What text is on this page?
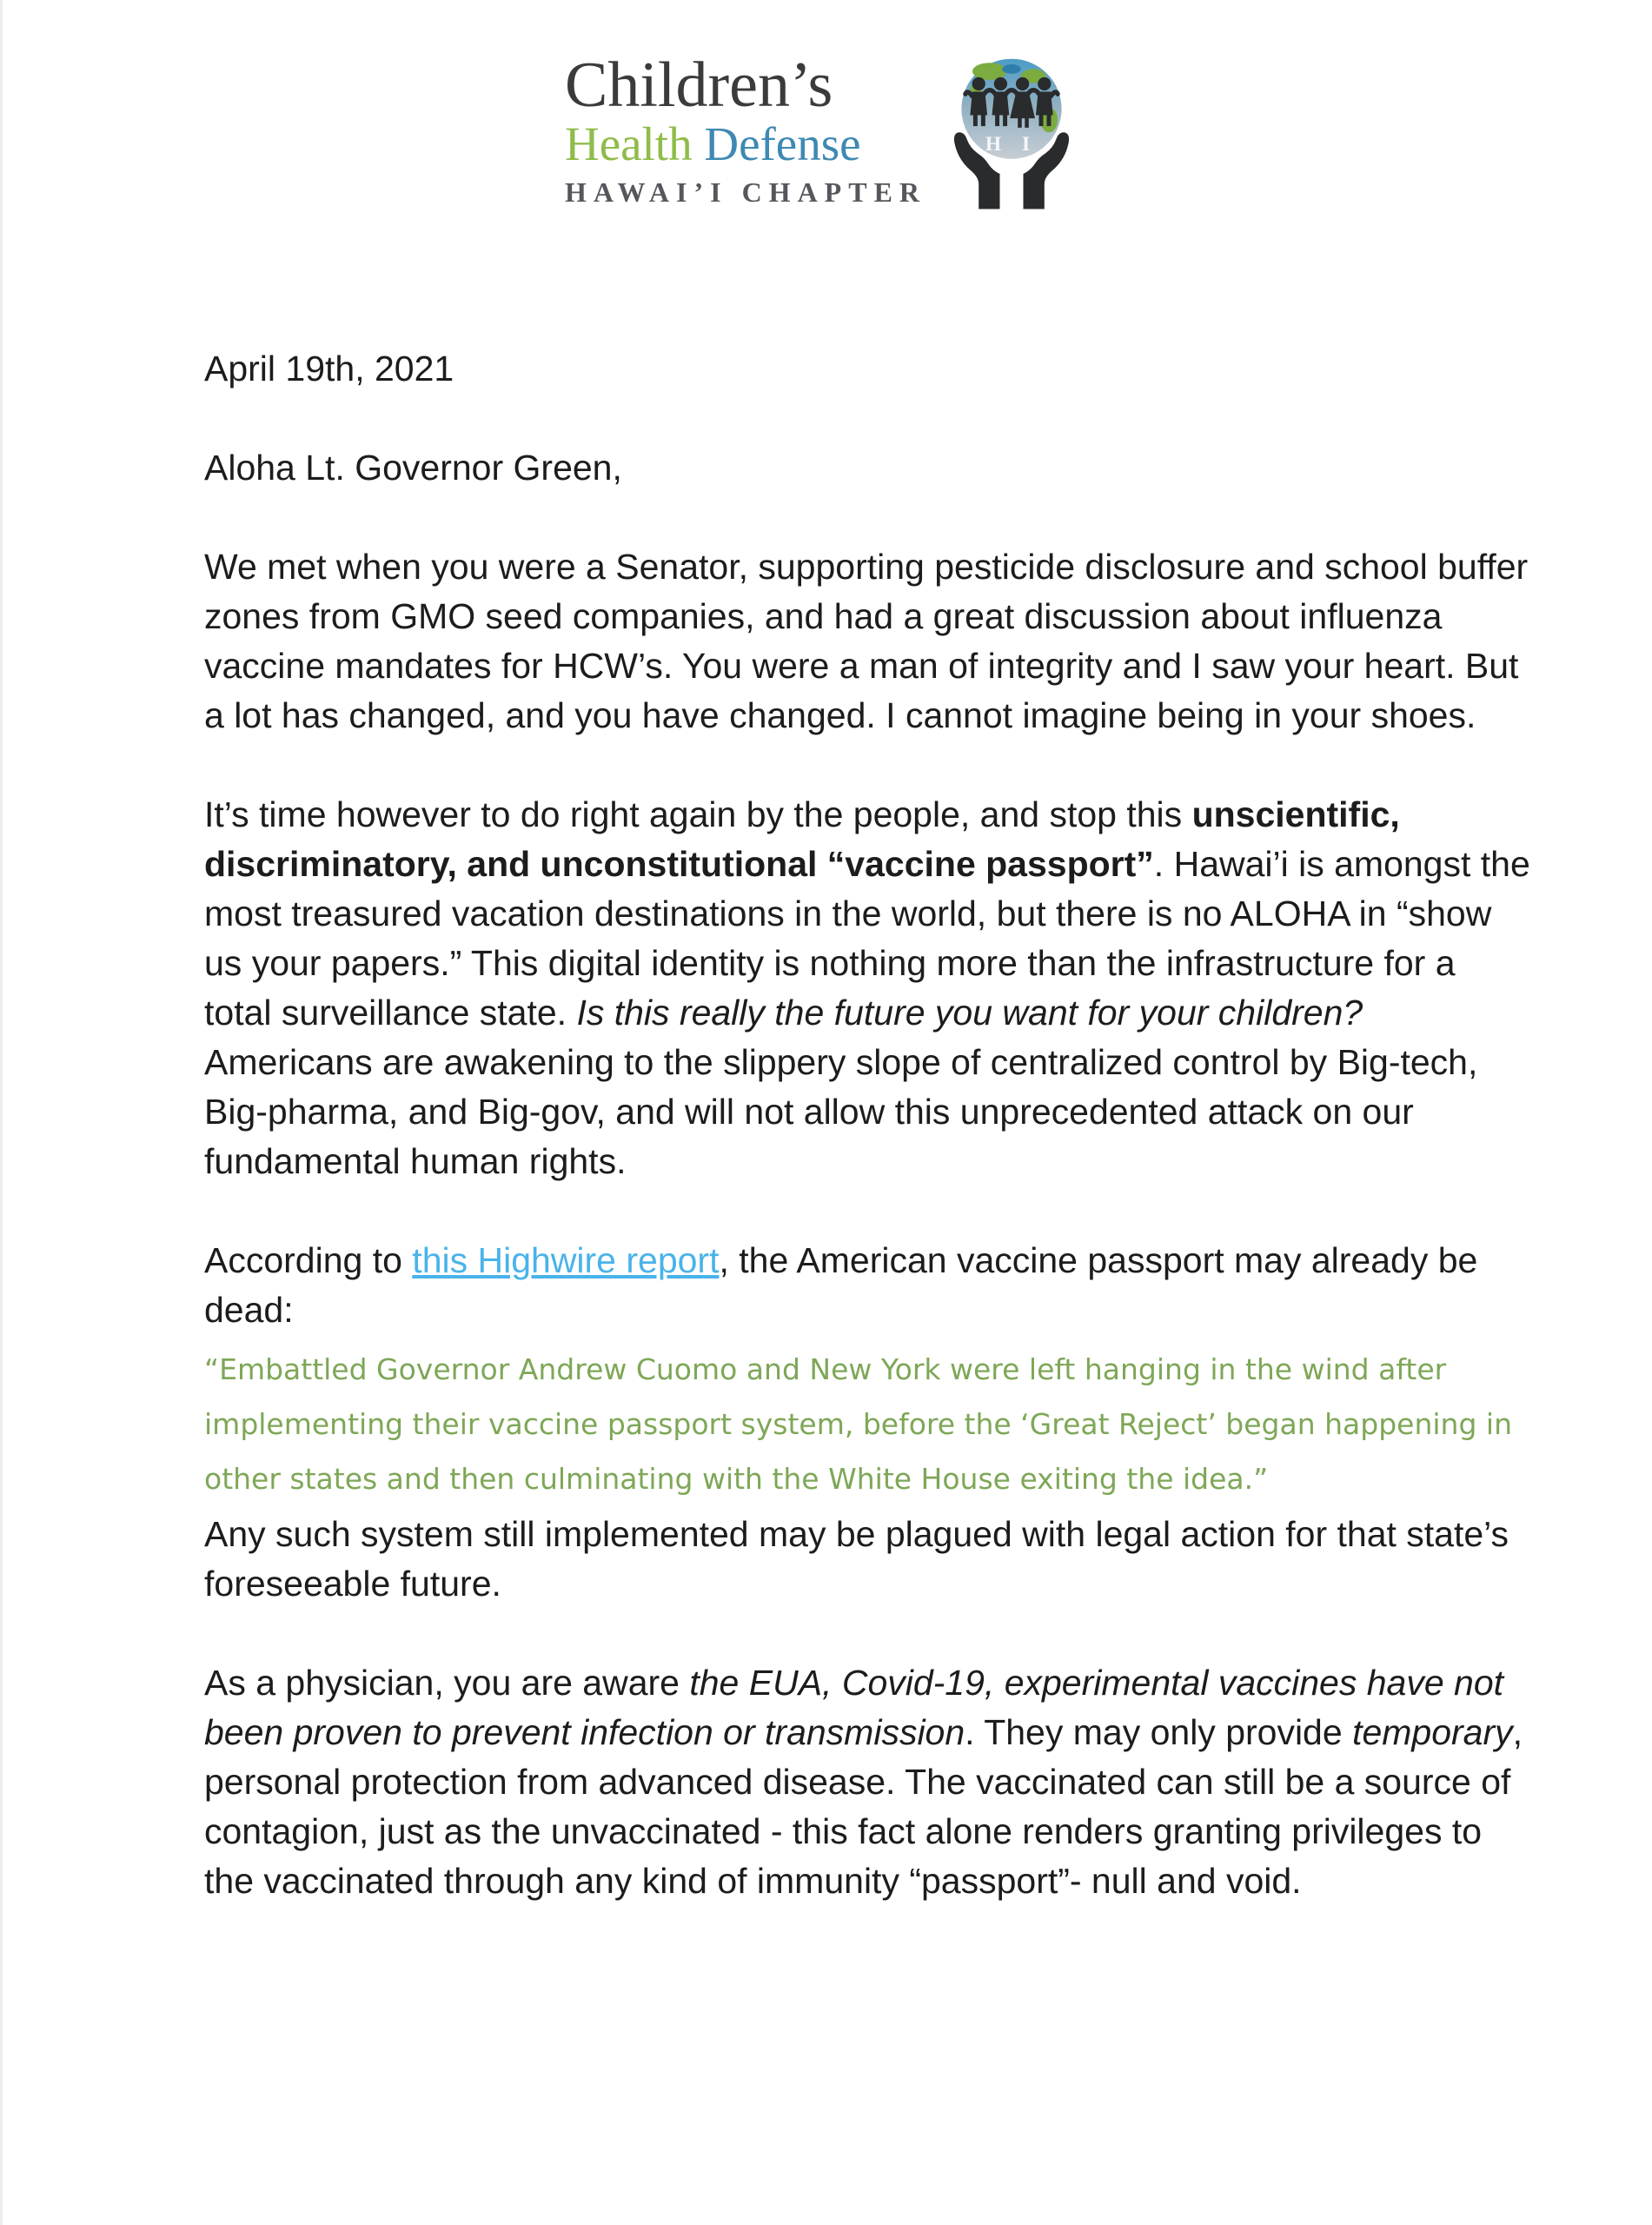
Children’s
Health Defense
HAWAI’I CHAPTER
H I

April 19th, 2021

Aloha Lt. Governor Green,

We met when you were a Senator, supporting pesticide disclosure and school buffer zones from GMO seed companies, and had a great discussion about influenza vaccine mandates for HCW’s. You were a man of integrity and I saw your heart. But a lot has changed, and you have changed. I cannot imagine being in your shoes.

It’s time however to do right again by the people, and stop this unscientific, discriminatory, and unconstitutional “vaccine passport”. Hawai’i is amongst the most treasured vacation destinations in the world, but there is no ALOHA in “show us your papers.” This digital identity is nothing more than the infrastructure for a total surveillance state. Is this really the future you want for your children? Americans are awakening to the slippery slope of centralized control by Big-tech, Big-pharma, and Big-gov, and will not allow this unprecedented attack on our fundamental human rights.

According to this Highwire report, the American vaccine passport may already be dead:

“Embattled Governor Andrew Cuomo and New York were left hanging in the wind after implementing their vaccine passport system, before the ‘Great Reject’ began happening in other states and then culminating with the White House exiting the idea.”

Any such system still implemented may be plagued with legal action for that state’s foreseeable future.

As a physician, you are aware the EUA, Covid-19, experimental vaccines have not been proven to prevent infection or transmission. They may only provide temporary, personal protection from advanced disease. The vaccinated can still be a source of contagion, just as the unvaccinated - this fact alone renders granting privileges to the vaccinated through any kind of immunity “passport”- null and void.
